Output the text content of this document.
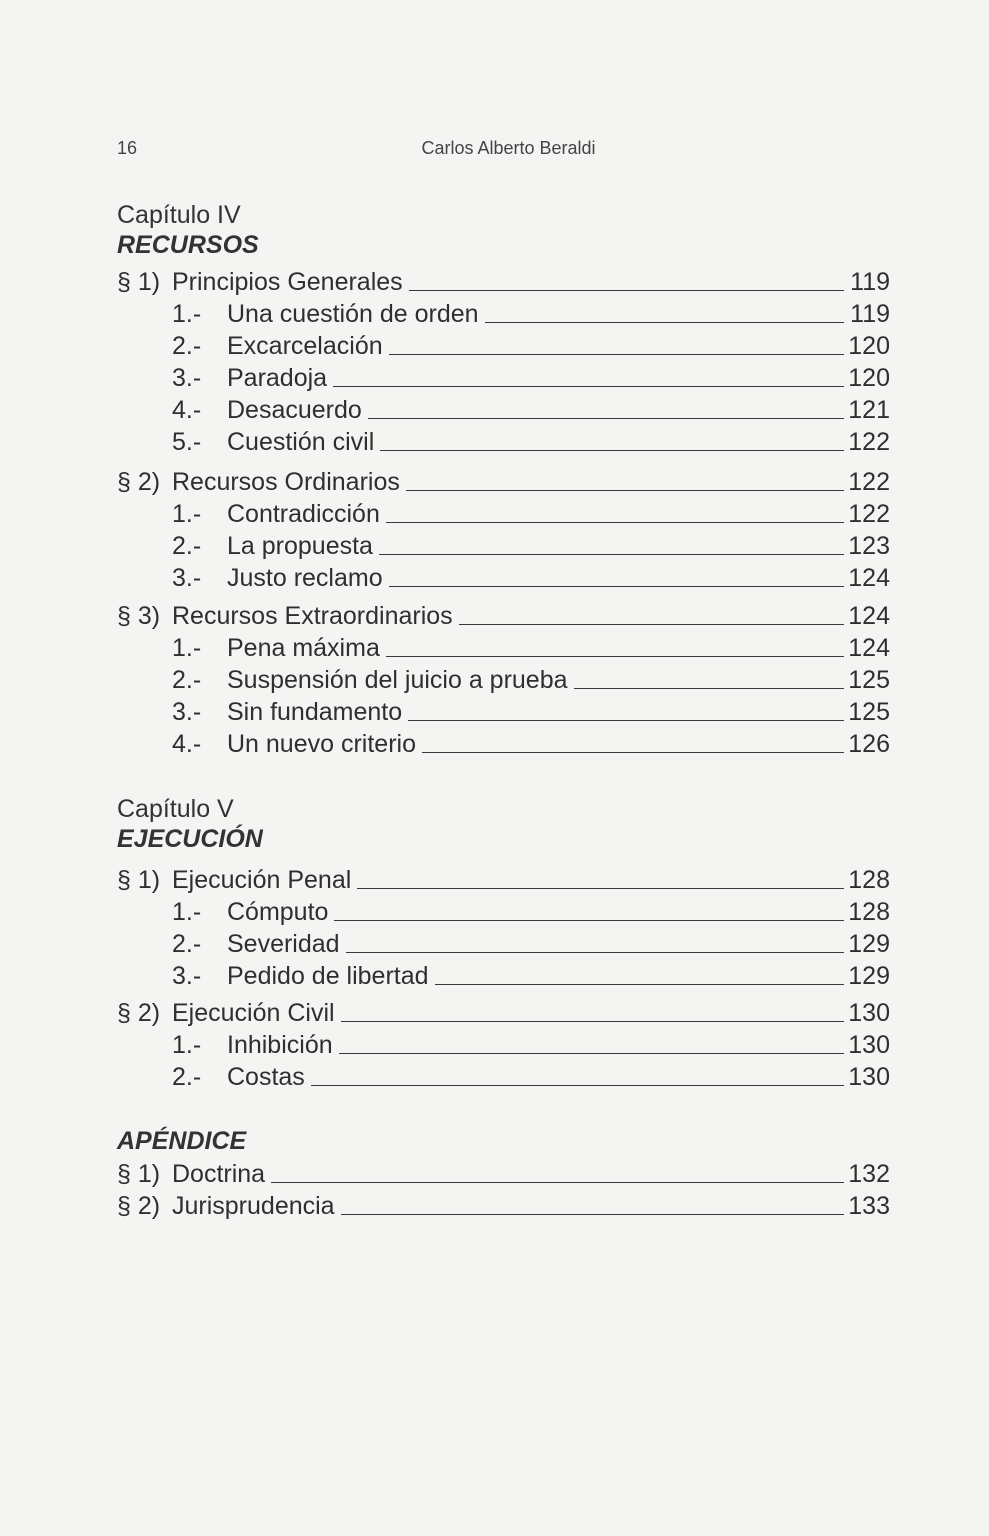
16	Carlos Alberto Beraldi
Capítulo IV
RECURSOS
§ 1) Principios Generales	119
1.-	Una cuestión de orden	119
2.-	Excarcelación	120
3.-	Paradoja	120
4.-	Desacuerdo	121
5.-	Cuestión civil	122
§ 2) Recursos Ordinarios	122
1.-	Contradicción	122
2.-	La propuesta	123
3.-	Justo reclamo	124
§ 3) Recursos Extraordinarios	124
1.-	Pena máxima	124
2.-	Suspensión del juicio a prueba	125
3.-	Sin fundamento	125
4.-	Un nuevo criterio	126
Capítulo V
EJECUCIÓN
§ 1) Ejecución Penal	128
1.-	Cómputo	128
2.-	Severidad	129
3.-	Pedido de libertad	129
§ 2) Ejecución Civil	130
1.-	Inhibición	130
2.-	Costas	130
APÉNDICE
§ 1) Doctrina	132
§ 2) Jurisprudencia	133
